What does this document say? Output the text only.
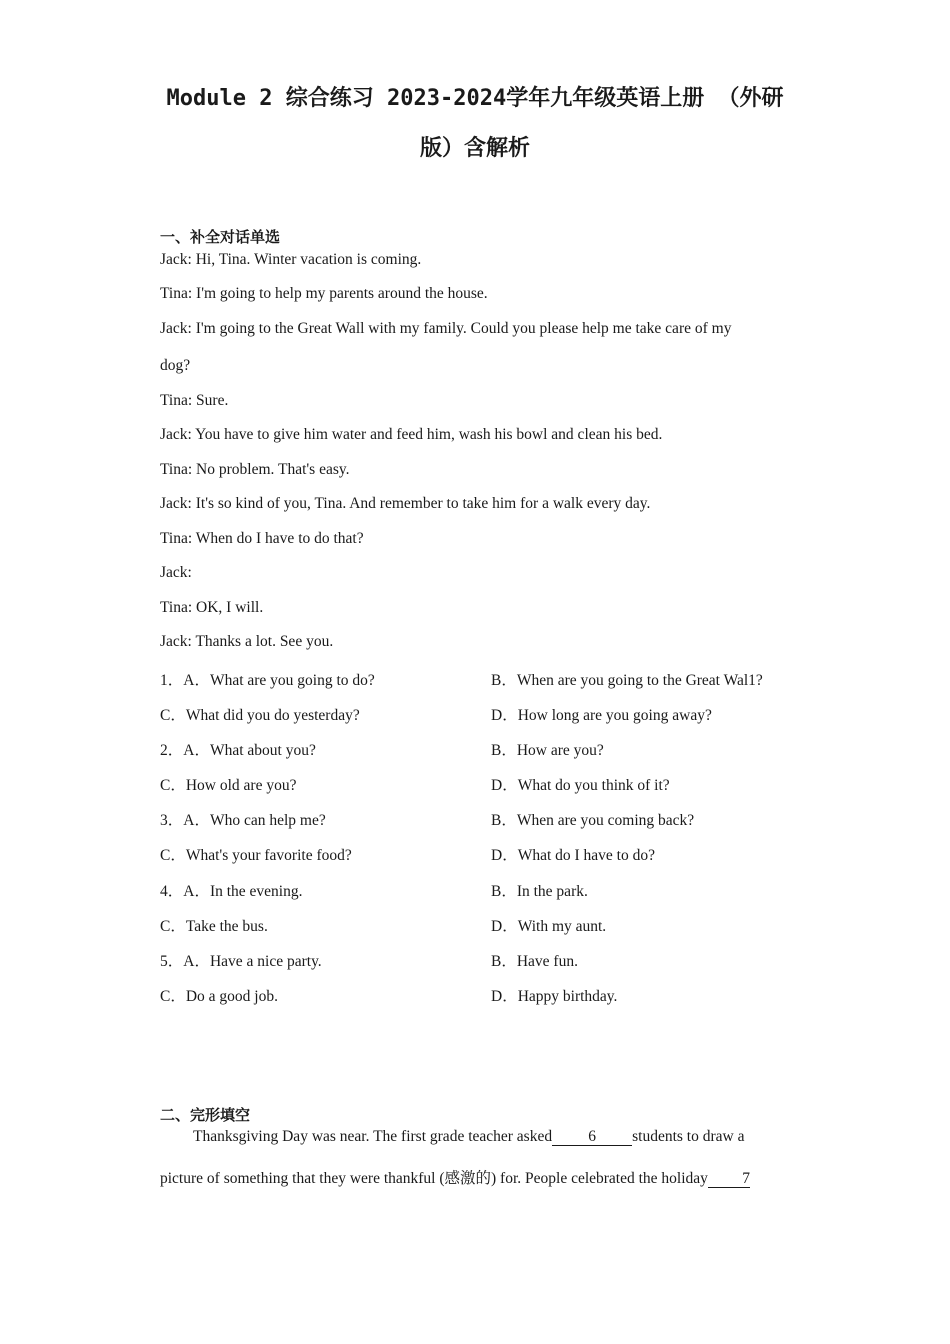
Module 2 综合练习 2023-2024学年九年级英语上册 （外研
版）含解析
一、补全对话单选
Jack: Hi, Tina. Winter vacation is coming.
Tina: I'm going to help my parents around the house.
Jack: I'm going to the Great Wall with my family. Could you please help me take care of my
dog?
Tina: Sure.
Jack: You have to give him water and feed him, wash his bowl and clean his bed.
Tina: No problem. That's easy.
Jack: It's so kind of you, Tina. And remember to take him for a walk every day.
Tina: When do I have to do that?
Jack:
Tina: OK, I will.
Jack: Thanks a lot. See you.
1．A．What are you going to do?	B．When are you going to the Great Wal1?
C．What did you do yesterday?	D．How long are you going away?
2．A．What about you?	B．How are you?
C．How old are you?	D．What do you think of it?
3．A．Who can help me?	B．When are you coming back?
C．What's your favorite food?	D．What do I have to do?
4．A．In the evening.	B．In the park.
C．Take the bus.	D．With my aunt.
5．A．Have a nice party.	B．Have fun.
C．Do a good job.	D．Happy birthday.
二、完形填空
Thanksgiving Day was near. The first grade teacher asked 6 students to draw a
picture of something that they were thankful (感激的) for. People celebrated the holiday 7
